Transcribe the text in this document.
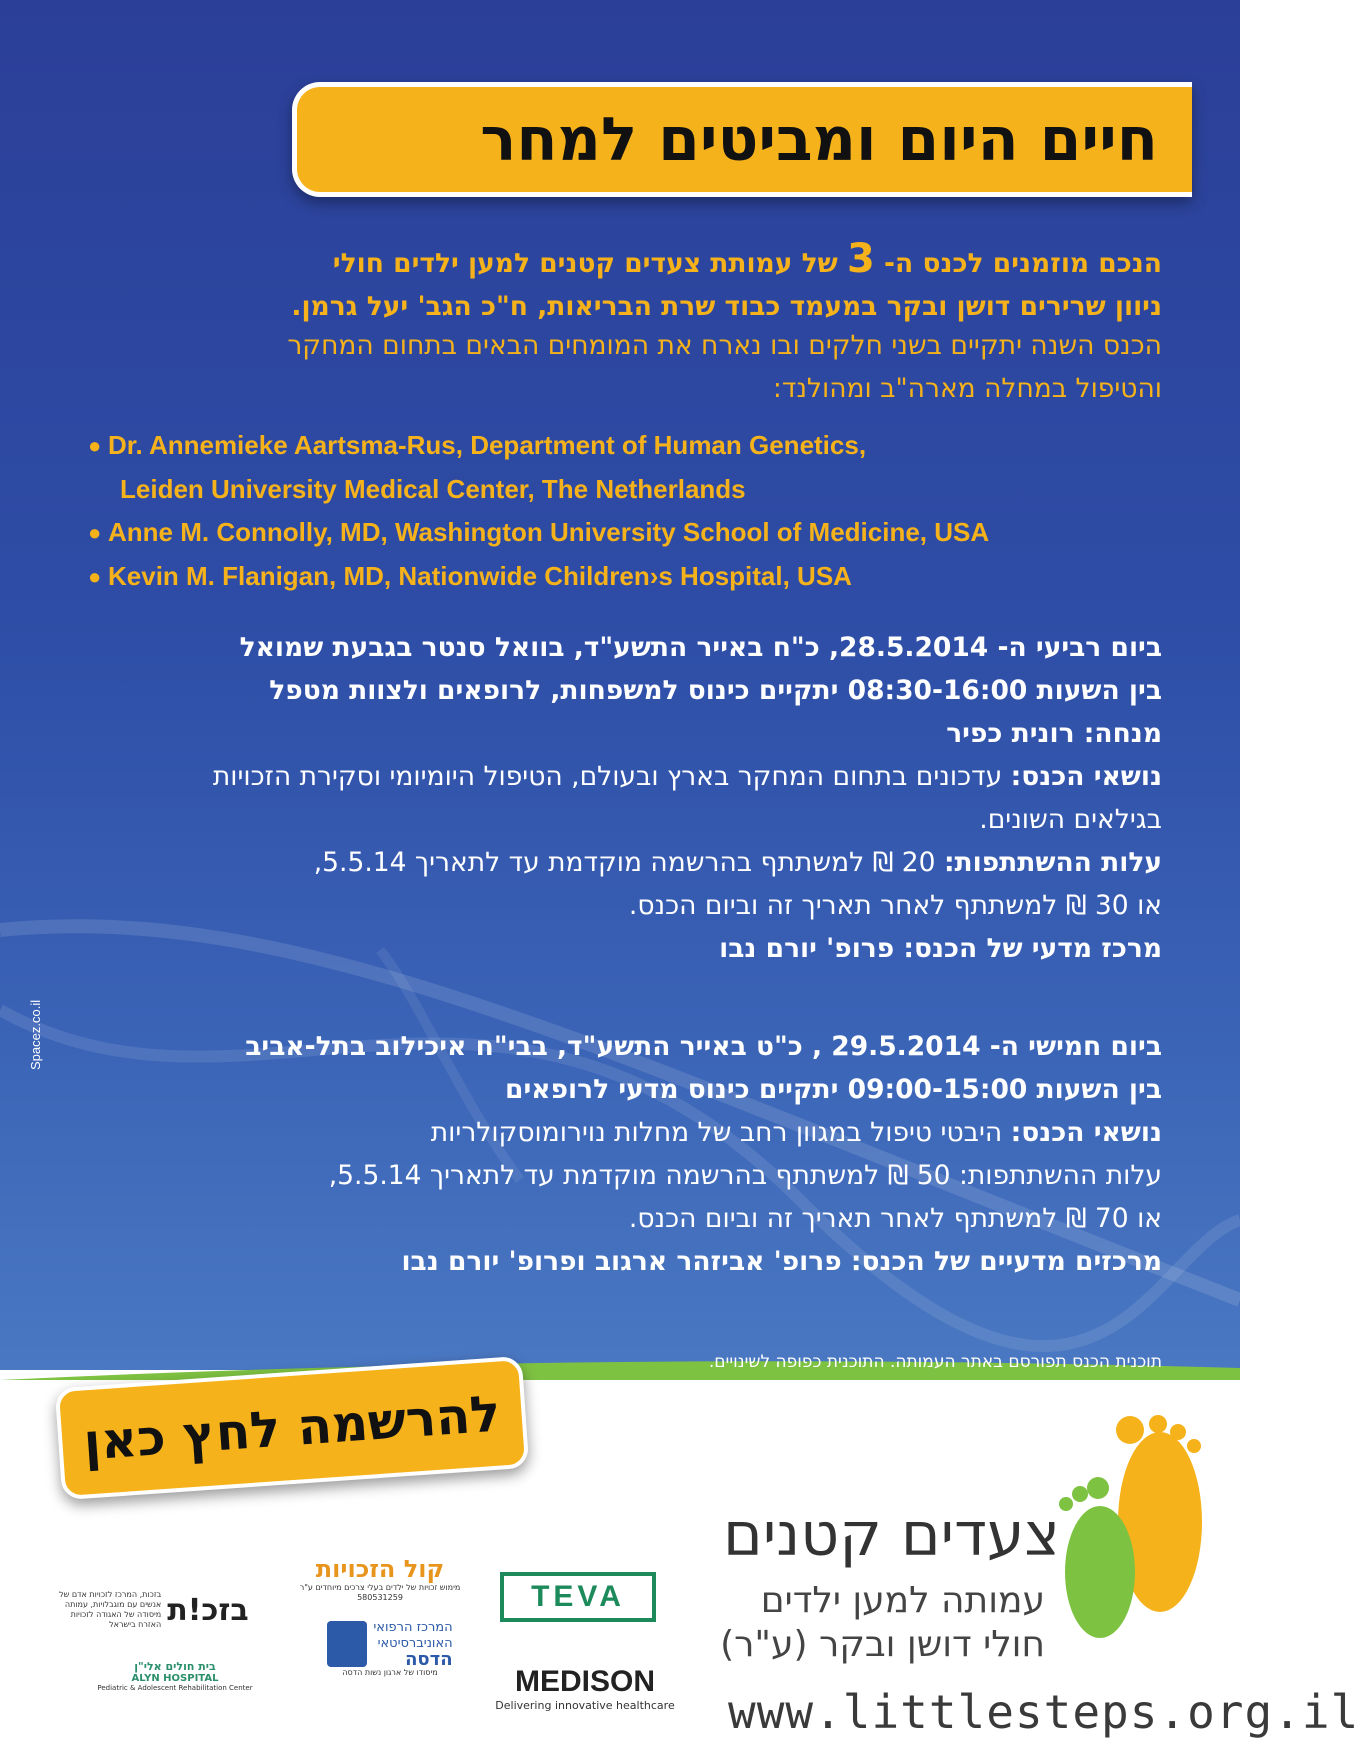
חיים היום ומביטים למחר
הנכם מוזמנים לכנס ה- 3 של עמותת צעדים קטנים למען ילדים חולי
ניוון שרירים דושן ובקר במעמד כבוד שרת הבריאות, ח"כ הגב' יעל גרמן.
הכנס השנה יתקיים בשני חלקים ובו נארח את המומחים הבאים בתחום המחקר
והטיפול במחלה מארה"ב ומהולנד:
● Dr. Annemieke Aartsma-Rus, Department of Human Genetics,
Leiden University Medical Center, The Netherlands
● Anne M. Connolly, MD, Washington University School of Medicine, USA
● Kevin M. Flanigan, MD, Nationwide Children›s Hospital, USA
ביום רביעי ה- 28.5.2014, כ"ח באייר התשע"ד, בוואל סנטר בגבעת שמואל
בין השעות 08:30-16:00 יתקיים כינוס למשפחות, לרופאים ולצוות מטפל
מנחה: רונית כפיר
נושאי הכנס: עדכונים בתחום המחקר בארץ ובעולם, הטיפול היומיומי וסקירת הזכויות
בגילאים השונים.
עלות ההשתתפות: 20 ₪ למשתתף בהרשמה מוקדמת עד לתאריך 5.5.14,
או 30 ₪ למשתתף לאחר תאריך זה וביום הכנס.
מרכז מדעי של הכנס: פרופ' יורם נבו
ביום חמישי ה- 29.5.2014 , כ"ט באייר התשע"ד, בבי"ח איכילוב בתל-אביב
בין השעות 09:00-15:00 יתקיים כינוס מדעי לרופאים
נושאי הכנס: היבטי טיפול במגוון רחב של מחלות נוירומוסקולריות
עלות ההשתתפות: 50 ₪ למשתתף בהרשמה מוקדמת עד לתאריך 5.5.14,
או 70 ₪ למשתתף לאחר תאריך זה וביום הכנס.
מרכזים מדעיים של הכנס: פרופ' אביזהר ארגוב ופרופ' יורם נבו
תוכנית הכנס תפורסם באתר העמותה. התוכנית כפופה לשינויים.
Spacez.co.il
להרשמה לחץ כאן
צעדים קטנים
עמותה למען ילדים
חולי דושן ובקר (ע"ר)
www.littlesteps.org.il
בזכות, המרכז לזכויות אדם של אנשים עם מוגבלויות, עמותה מיסודה של האגודה לזכויות האזרח בישראל בזכ!ת
קול הזכויות
מימוש זכויות של ילדים בעלי צרכים מיוחדים ע"ר 580531259	TEVA
בית חולים אלי"ן
ALYN HOSPITAL
Pediatric & Adolescent Rehabilitation Center
המרכז הרפואי
האוניברסיטאי
הדסה
מיסודו של ארגון נשות הדסה	MEDISON
Delivering innovative healthcare
